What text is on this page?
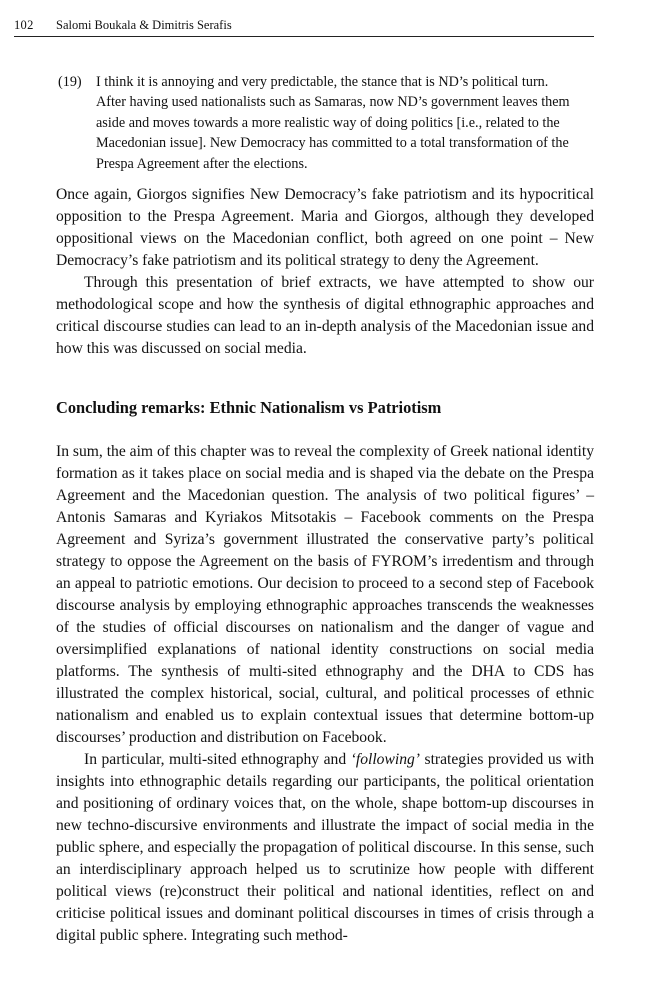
102 Salomi Boukala & Dimitris Serafis
(19) I think it is annoying and very predictable, the stance that is ND’s political turn. After having used nationalists such as Samaras, now ND’s government leaves them aside and moves towards a more realistic way of doing politics [i.e., related to the Macedonian issue]. New Democracy has committed to a total transformation of the Prespa Agreement after the elections.

Once again, Giorgos signifies New Democracy’s fake patriotism and its hypocritical opposition to the Prespa Agreement. Maria and Giorgos, although they developed oppositional views on the Macedonian conflict, both agreed on one point – New Democracy’s fake patriotism and its political strategy to deny the Agreement.

Through this presentation of brief extracts, we have attempted to show our methodological scope and how the synthesis of digital ethnographic approaches and critical discourse studies can lead to an in-depth analysis of the Macedonian issue and how this was discussed on social media.

Concluding remarks: Ethnic Nationalism vs Patriotism

In sum, the aim of this chapter was to reveal the complexity of Greek national identity formation as it takes place on social media and is shaped via the debate on the Prespa Agreement and the Macedonian question. The analysis of two political figures’ – Antonis Samaras and Kyriakos Mitsotakis – Facebook comments on the Prespa Agreement and Syriza’s government illustrated the conservative party’s political strategy to oppose the Agreement on the basis of FYROM’s irredentism and through an appeal to patriotic emotions. Our decision to proceed to a second step of Facebook discourse analysis by employing ethnographic approaches transcends the weaknesses of the studies of official discourses on nationalism and the danger of vague and oversimplified explanations of national identity constructions on social media platforms. The synthesis of multi-sited ethnography and the DHA to CDS has illustrated the complex historical, social, cultural, and political processes of ethnic nationalism and enabled us to explain contextual issues that determine bottom-up discourses’ production and distribution on Facebook.

In particular, multi-sited ethnography and ‘following’ strategies provided us with insights into ethnographic details regarding our participants, the political orientation and positioning of ordinary voices that, on the whole, shape bottom-up discourses in new techno-discursive environments and illustrate the impact of social media in the public sphere, and especially the propagation of political discourse. In this sense, such an interdisciplinary approach helped us to scrutinize how people with different political views (re)construct their political and national identities, reflect on and criticise political issues and dominant political discourses in times of crisis through a digital public sphere. Integrating such method-
